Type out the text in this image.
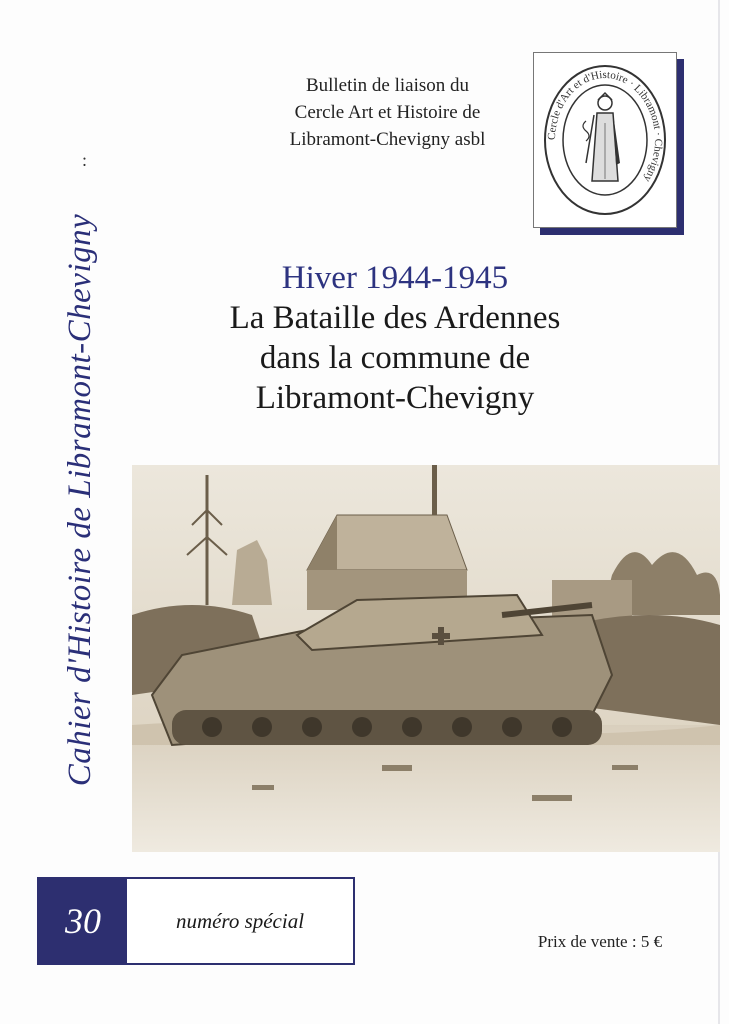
:
Cahier d'Histoire de Libramont-Chevigny
Bulletin de liaison du
Cercle Art et Histoire de
Libramont-Chevigny asbl	Cercle d'Art et d'Histoire · Libramont · Chevigny
Hiver 1944-1945
La Bataille des Ardennes
dans la commune de
Libramont-Chevigny
30	numéro spécial
Prix de vente : 5 €
